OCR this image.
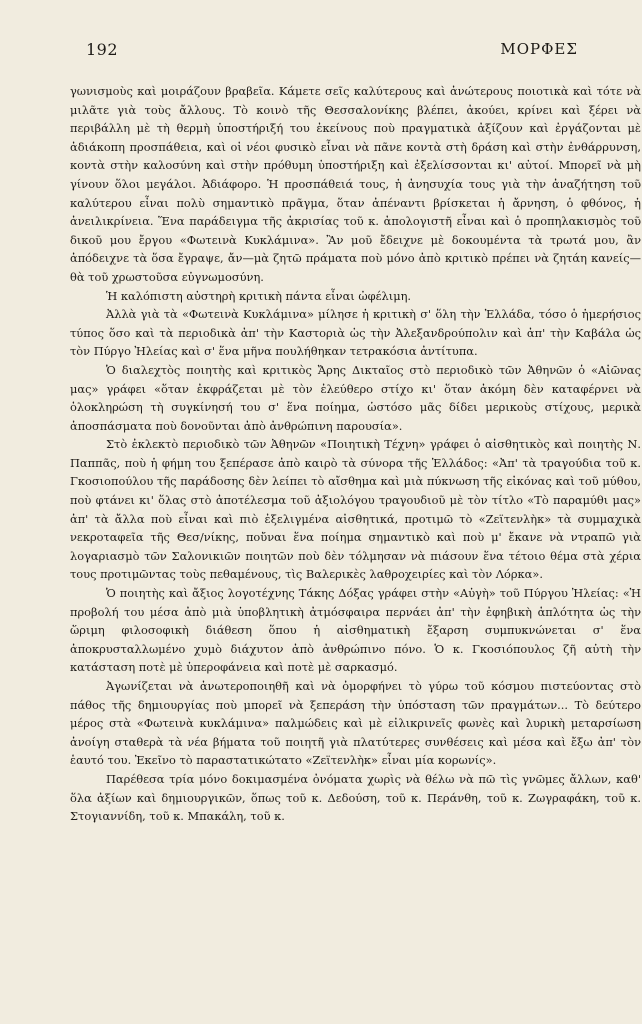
192	ΜΟΡΦΕΣ

γωνισμοὺς καὶ μοιράζουν βραβεῖα. Κάμετε σεῖς καλύτερους καὶ ἀνώτερους ποιοτικὰ καὶ τότε νὰ μιλᾶτε γιὰ τοὺς ἄλλους. Τὸ κοινὸ τῆς Θεσσαλονίκης βλέπει, ἀκούει, κρίνει καὶ ξέρει νὰ περιβάλλη μὲ τὴ θερμὴ ὑποστήριξή του ἐκείνους ποὺ πραγματικὰ ἀξίζουν καὶ ἐργάζονται μὲ ἀδιάκοπη προσπάθεια, καὶ οἱ νέοι φυσικὸ εἶναι νὰ πᾶνε κοντὰ στὴ δράση καὶ στὴν ἐνθάρρυνση, κοντὰ στὴν καλοσύνη καὶ στὴν πρόθυμη ὑποστήριξη καὶ ἐξελίσσονται κι' αὐτοί. Μπορεῖ νὰ μὴ γίνουν ὅλοι μεγάλοι. Ἀδιάφορο. Ἡ προσπάθειά τους, ἡ ἀνησυχία τους γιὰ τὴν ἀναζήτηση τοῦ καλύτερου εἶναι πολὺ σημαντικὸ πρᾶγμα, ὅταν ἀπέναντι βρίσκεται ἡ ἄρνηση, ὁ φθόνος, ἡ ἀνειλικρίνεια. Ἕνα παράδειγμα τῆς ἀκρισίας τοῦ κ. ἀπολογιστῆ εἶναι καὶ ὁ προπηλακισμὸς τοῦ δικοῦ μου ἔργου «Φωτεινὰ Κυκλάμινα». Ἂν μοῦ ἔδειχνε μὲ δοκουμέντα τὰ τρωτά μου, ἂν ἀπόδειχνε τὰ ὅσα ἔγραψε, ἄν—μὰ ζητῶ πράματα ποὺ μόνο ἀπὸ κριτικὸ πρέπει νὰ ζητάη κανείς—θὰ τοῦ χρωστοῦσα εὐγνωμοσύνη.

Ἡ καλόπιστη αὐστηρὴ κριτικὴ πάντα εἶναι ὠφέλιμη.

Ἀλλὰ γιὰ τὰ «Φωτεινὰ Κυκλάμινα» μίλησε ἡ κριτικὴ σ' ὅλη τὴν Ἑλλάδα, τόσο ὁ ἡμερήσιος τύπος ὅσο καὶ τὰ περιοδικὰ ἀπ' τὴν Καστοριὰ ὡς τὴν Ἀλεξανδρούπολιν καὶ ἀπ' τὴν Καβάλα ὡς τὸν Πύργο Ἠλείας καὶ σ' ἕνα μῆνα πουλήθηκαν τετρακόσια ἀντίτυπα.

Ὁ διαλεχτὸς ποιητὴς καὶ κριτικὸς Ἄρης Δικταῖος στὸ περιοδικὸ τῶν Ἀθηνῶν ὁ «Αἰῶνας μας» γράφει «ὅταν ἐκφράζεται μὲ τὸν ἐλεύθερο στίχο κι' ὅταν ἀκόμη δὲν καταφέρνει νὰ ὁλοκληρώση τὴ συγκίνησή του σ' ἕνα ποίημα, ὡστόσο μᾶς δίδει μερικοὺς στίχους, μερικὰ ἀποσπάσματα ποὺ δονοῦνται ἀπὸ ἀνθρώπινη παρουσία».

Στὸ ἐκλεκτὸ περιοδικὸ τῶν Ἀθηνῶν «Ποιητικὴ Τέχνη» γράφει ὁ αἰσθητικὸς καὶ ποιητὴς Ν. Παππᾶς, ποὺ ἡ φήμη του ξεπέρασε ἀπὸ καιρὸ τὰ σύνορα τῆς Ἑλλάδος: «Ἀπ' τὰ τραγούδια τοῦ κ. Γκοσιοπούλου τῆς παράδοσης δὲν λείπει τὸ αἴσθημα καὶ μιὰ πύκνωση τῆς εἰκόνας καὶ τοῦ μύθου, ποὺ φτάνει κι' ὅλας στὸ ἀποτέλεσμα τοῦ ἀξιολόγου τραγουδιοῦ μὲ τὸν τίτλο «Τὸ παραμύθι μας» ἀπ' τὰ ἄλλα ποὺ εἶναι καὶ πιὸ ἐξελιγμένα αἰσθητικά, προτιμῶ τὸ «Ζεϊτενλὴκ» τὰ συμμαχικὰ νεκροταφεῖα τῆς Θεσ/νίκης, ποὔναι ἕνα ποίημα σημαντικὸ καὶ ποὺ μ' ἔκανε νὰ ντραπῶ γιὰ λογαριασμὸ τῶν Σαλονικιῶν ποιητῶν ποὺ δὲν τόλμησαν νὰ πιάσουν ἕνα τέτοιο θέμα στὰ χέρια τους προτιμῶντας τοὺς πεθαμένους, τὶς Βαλερικὲς λαθροχειρίες καὶ τὸν Λόρκα».

Ὁ ποιητὴς καὶ ἄξιος λογοτέχνης Τάκης Δόξας γράφει στὴν «Αὐγὴ» τοῦ Πύργου Ἠλείας: «Ἡ προβολή του μέσα ἀπὸ μιὰ ὑποβλητικὴ ἀτμόσφαιρα περνάει ἀπ' τὴν ἐφηβικὴ ἁπλότητα ὡς τὴν ὥριμη φιλοσοφικὴ διάθεση ὅπου ἡ αἰσθηματικὴ ἔξαρση συμπυκνώνεται σ' ἕνα ἀποκρυσταλλωμένο χυμὸ διάχυτον ἀπὸ ἀνθρώπινο πόνο. Ὁ κ. Γκοσιόπουλος ζῆ αὐτὴ τὴν κατάσταση ποτὲ μὲ ὑπεροφάνεια καὶ ποτὲ μὲ σαρκασμό.

Ἀγωνίζεται νὰ ἀνωτεροποιηθῆ καὶ νὰ ὀμορφήνει τὸ γύρω τοῦ κόσμου πιστεύοντας στὸ πάθος τῆς δημιουργίας ποὺ μπορεῖ νὰ ξεπεράση τὴν ὑπόσταση τῶν πραγμάτων... Τὸ δεύτερο μέρος στὰ «Φωτεινὰ κυκλάμινα» παλμώδεις καὶ μὲ εἰλικρινεῖς φωνὲς καὶ λυρικὴ μεταρσίωση ἀνοίγη σταθερὰ τὰ νέα βήματα τοῦ ποιητῆ γιὰ πλατύτερες συνθέσεις καὶ μέσα καὶ ἔξω ἀπ' τὸν ἑαυτό του. Ἐκεῖνο τὸ παραστατικώτατο «Ζεϊτενλὴκ» εἶναι μία κορωνίς».

Παρέθεσα τρία μόνο δοκιμασμένα ὀνόματα χωρὶς νὰ θέλω νὰ πῶ τὶς γνῶμες ἄλλων, καθ' ὅλα ἀξίων καὶ δημιουργικῶν, ὅπως τοῦ κ. Δεδούση, τοῦ κ. Περάνθη, τοῦ κ. Ζωγραφάκη, τοῦ κ. Στογιαννίδη, τοῦ κ. Μπακάλη, τοῦ κ.
